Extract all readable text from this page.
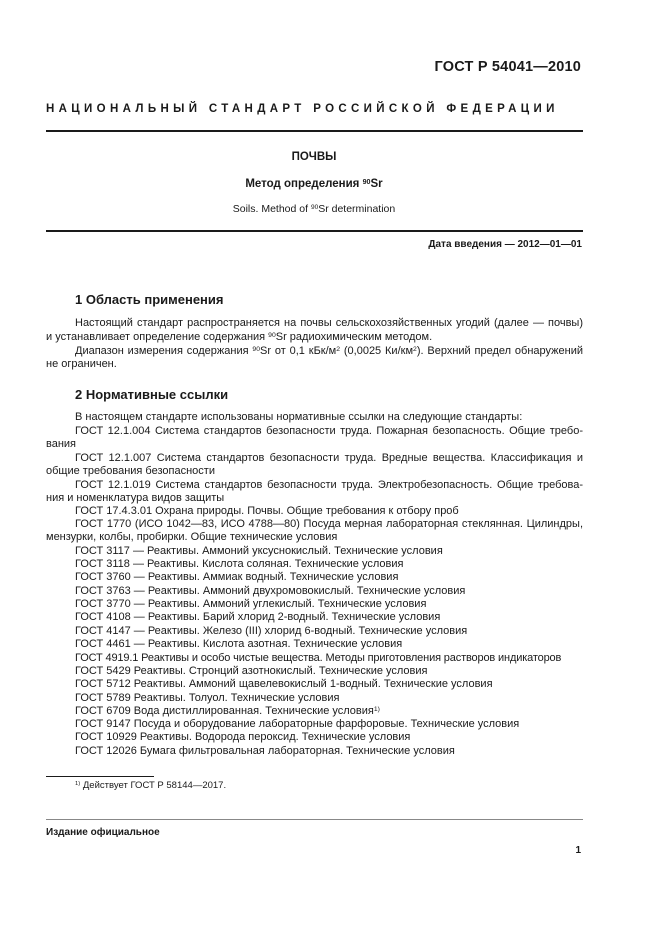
ГОСТ Р 54041—2010
НАЦИОНАЛЬНЫЙ СТАНДАРТ РОССИЙСКОЙ ФЕДЕРАЦИИ
ПОЧВЫ
Метод определения $^{90}$Sr
Soils. Method of $^{90}$Sr determination
Дата введения — 2012—01—01
1 Область применения
Настоящий стандарт распространяется на почвы сельскохозяйственных угодий (далее — почвы)
и устанавливает определение содержания $^{90}$Sr радиохимическим методом.
Диапазон измерения содержания $^{90}$Sr от 0,1 кБк/$м^2$ (0,0025 $Ки/км^2$). Верхний предел обнаружений
не ограничен.
2 Нормативные ссылки
В настоящем стандарте использованы нормативные ссылки на следующие стандарты:
ГОСТ 12.1.004 Система стандартов безопасности труда. Пожарная безопасность. Общие требо-
вания
ГОСТ 12.1.007 Система стандартов безопасности труда. Вредные вещества. Классификация и
общие требования безопасности
ГОСТ 12.1.019 Система стандартов безопасности труда. Электробезопасность. Общие требова-
ния и номенклатура видов защиты
ГОСТ 17.4.3.01 Охрана природы. Почвы. Общие требования к отбору проб
ГОСТ 1770 (ИСО 1042—83, ИСО 4788—80) Посуда мерная лабораторная стеклянная. Цилиндры,
мензурки, колбы, пробирки. Общие технические условия
ГОСТ 3117 — Реактивы. Аммоний уксуснокислый. Технические условия
ГОСТ 3118 — Реактивы. Кислота соляная. Технические условия
ГОСТ 3760 — Реактивы. Аммиак водный. Технические условия
ГОСТ 3763 — Реактивы. Аммоний двухромовокислый. Технические условия
ГОСТ 3770 — Реактивы. Аммоний углекислый. Технические условия
ГОСТ 4108 — Реактивы. Барий хлорид 2-водный. Технические условия
ГОСТ 4147 — Реактивы. Железо (III) хлорид 6-водный. Технические условия
ГОСТ 4461 — Реактивы. Кислота азотная. Технические условия
ГОСТ 4919.1 Реактивы и особо чистые вещества. Методы приготовления растворов индикаторов
ГОСТ 5429 Реактивы. Стронций азотнокислый. Технические условия
ГОСТ 5712 Реактивы. Аммоний щавелевокислый 1-водный. Технические условия
ГОСТ 5789 Реактивы. Толуол. Технические условия
ГОСТ 6709 Вода дистиллированная. Технические условия$^{1)}$
ГОСТ 9147 Посуда и оборудование лабораторные фарфоровые. Технические условия
ГОСТ 10929 Реактивы. Водорода пероксид. Технические условия
ГОСТ 12026 Бумага фильтровальная лабораторная. Технические условия
$^{1)}$ Действует ГОСТ Р 58144—2017.
Издание официальное
1
